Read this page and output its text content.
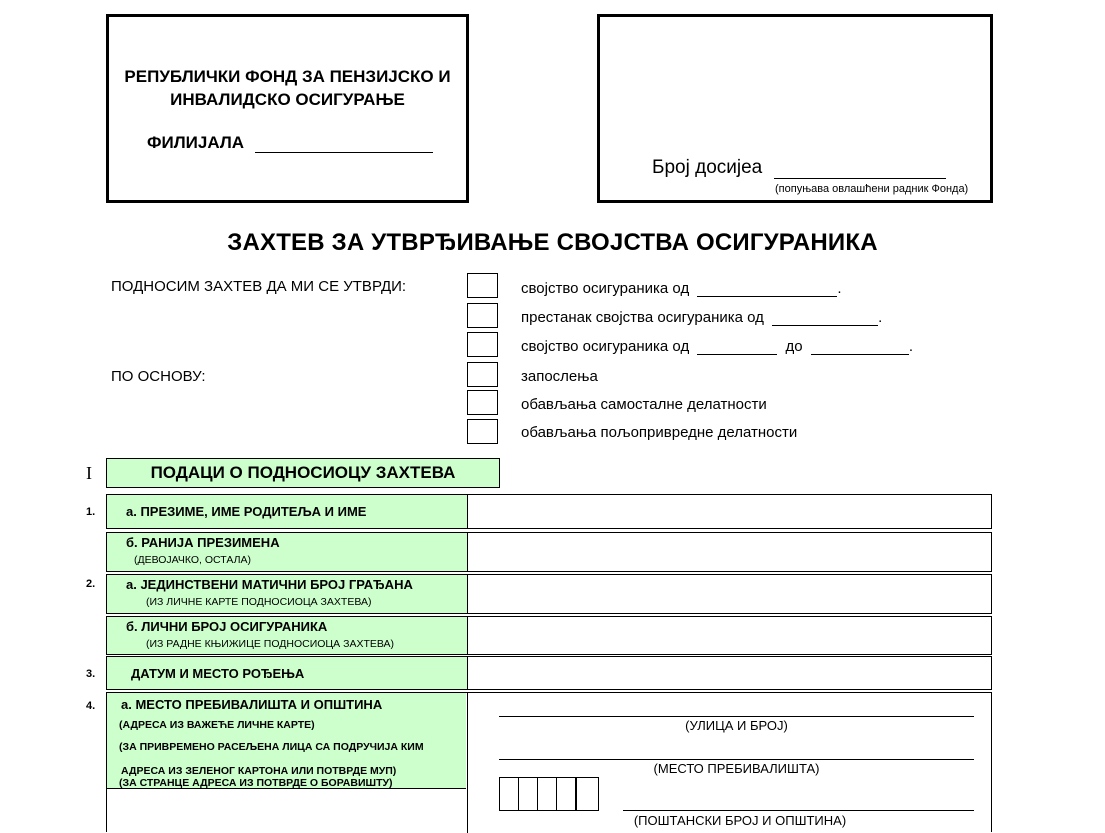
РЕПУБЛИЧКИ ФОНД ЗА ПЕНЗИЈСКО И
ИНВАЛИДСКО ОСИГУРАЊЕ
ФИЛИЈАЛА
Број досијеа
(попуњава овлашћени радник Фонда)
ЗАХТЕВ ЗА УТВРЂИВАЊЕ СВОЈСТВА ОСИГУРАНИКА
ПОДНОСИМ ЗАХТЕВ ДА МИ СЕ УТВРДИ:	својство осигураника од	.
престанак својства осигураника од	.
својство осигураника од	до	.
ПО ОСНОВУ:	запослења
обављања самосталне делатности
обављања пољопривредне делатности
I	ПОДАЦИ О ПОДНОСИОЦУ ЗАХТЕВА
1. а. ПРЕЗИМЕ, ИМЕ РОДИТЕЉА И ИМЕ
б. РАНИЈА ПРЕЗИМЕНА
(ДЕВОЈАЧКО, ОСТАЛА)
2. а. ЈЕДИНСТВЕНИ МАТИЧНИ БРОЈ ГРАЂАНА
(ИЗ ЛИЧНЕ КАРТЕ ПОДНОСИОЦА ЗАХТЕВА)
б. ЛИЧНИ БРОЈ ОСИГУРАНИКА
(ИЗ РАДНЕ КЊИЖИЦЕ ПОДНОСИОЦА ЗАХТЕВА)
3.	ДАТУМ И МЕСТО РОЂЕЊА
4. а. МЕСТО ПРЕБИВАЛИШТА И ОПШТИНА
(АДРЕСА ИЗ ВАЖЕЋЕ ЛИЧНЕ КАРТЕ)
(ЗА ПРИВРЕМЕНО РАСЕЉЕНА ЛИЦА СА ПОДРУЧИЈА КИМ
АДРЕСА ИЗ ЗЕЛЕНОГ КАРТОНА ИЛИ ПОТВРДЕ МУП)
(ЗА СТРАНЦЕ АДРЕСА ИЗ ПОТВРДЕ О БОРАВИШТУ)
(УЛИЦА И БРОЈ)
(МЕСТО ПРЕБИВАЛИШТА)
(ПОШТАНСКИ БРОЈ И ОПШТИНА)
